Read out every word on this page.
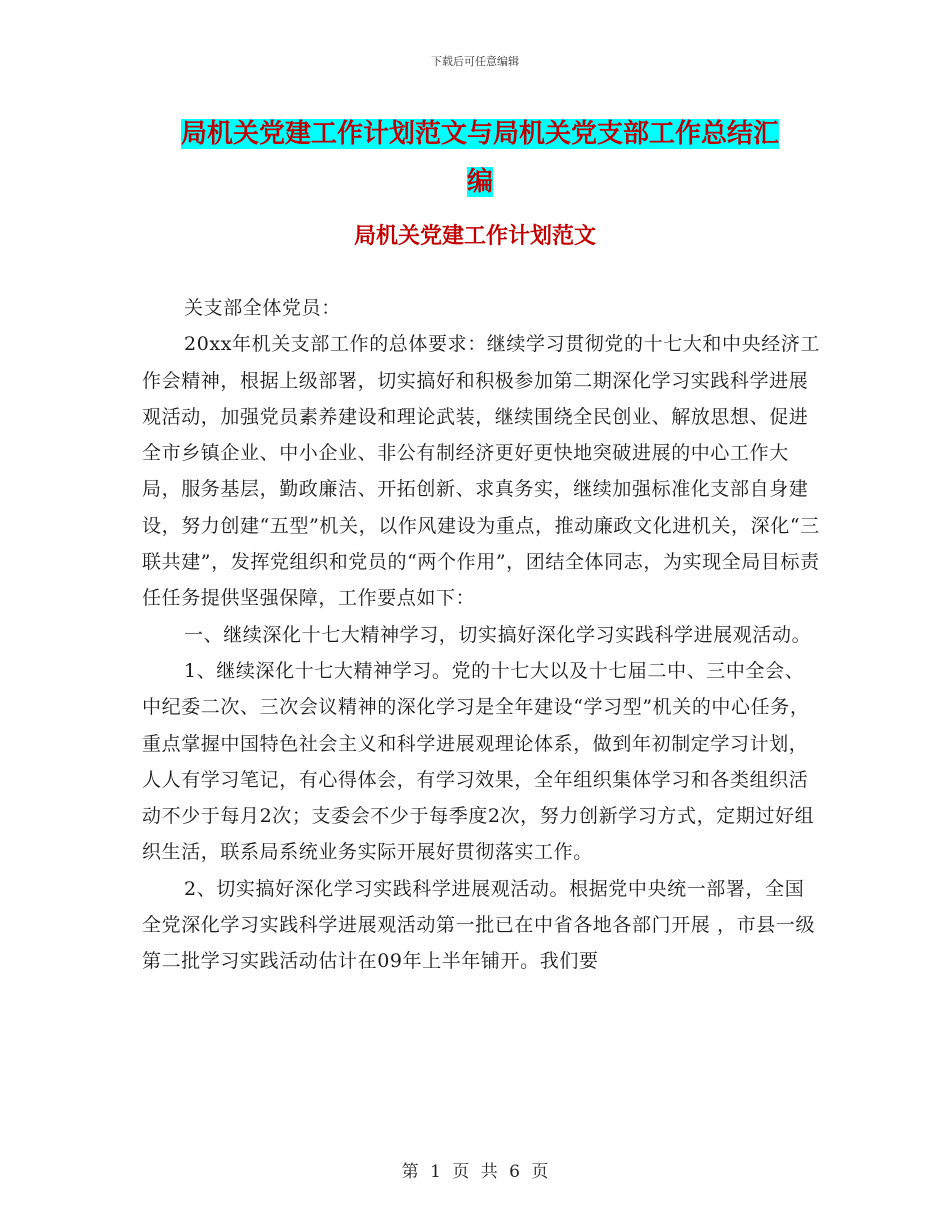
下载后可任意编辑
局机关党建工作计划范文与局机关党支部工作总结汇
编
局机关党建工作计划范文

关支部全体党员：

20xx年机关支部工作的总体要求：继续学习贯彻党的十七大和中央经济工作会精神，根据上级部署，切实搞好和积极参加第二期深化学习实践科学进展观活动，加强党员素养建设和理论武装，继续围绕全民创业、解放思想、促进全市乡镇企业、中小企业、非公有制经济更好更快地突破进展的中心工作大局，服务基层，勤政廉洁、开拓创新、求真务实，继续加强标准化支部自身建设，努力创建“五型”机关，以作风建设为重点，推动廉政文化进机关，深化“三联共建”，发挥党组织和党员的“两个作用”，团结全体同志，为实现全局目标责任任务提供坚强保障，工作要点如下：

一、继续深化十七大精神学习，切实搞好深化学习实践科学进展观活动。

1、继续深化十七大精神学习。党的十七大以及十七届二中、三中全会、中纪委二次、三次会议精神的深化学习是全年建设“学习型”机关的中心任务，重点掌握中国特色社会主义和科学进展观理论体系，做到年初制定学习计划，人人有学习笔记，有心得体会，有学习效果，全年组织集体学习和各类组织活动不少于每月2次；支委会不少于每季度2次，努力创新学习方式，定期过好组织生活，联系局系统业务实际开展好贯彻落实工作。

2、切实搞好深化学习实践科学进展观活动。根据党中央统一部署，全国全党深化学习实践科学进展观活动第一批已在中省各地各部门开展 ，市县一级第二批学习实践活动估计在09年上半年铺开。我们要

第 1 页 共 6 页
